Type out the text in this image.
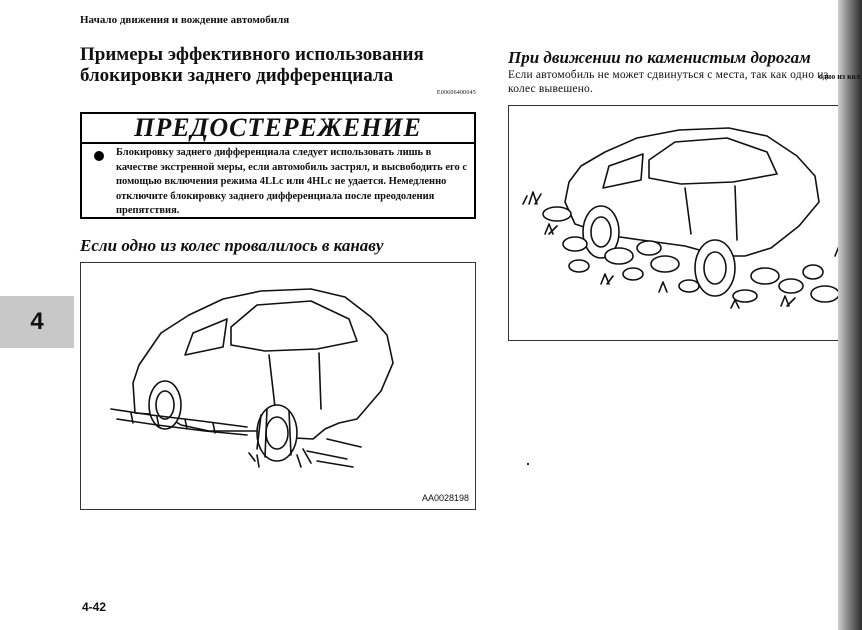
Начало движения и вождение автомобиля
Примеры эффективного использования блокировки заднего дифференциала
E00606400045
ПРЕДОСТЕРЕЖЕНИЕ
Блокировку заднего дифференциала следует использовать лишь в качестве экстренной меры, если автомобиль застрял, и высвободить его с помощью включения режима 4LLc или 4HLc не удается. Немедленно отключите блокировку заднего дифференциала после преодоления препятствия.
Если одно из колес провалилось в канаву
AA0028198
4
При движении по каменистым дорогам
Если автомобиль не может сдвинуться с места, так как одно из колес вывешено.
4-42
одно из кол
